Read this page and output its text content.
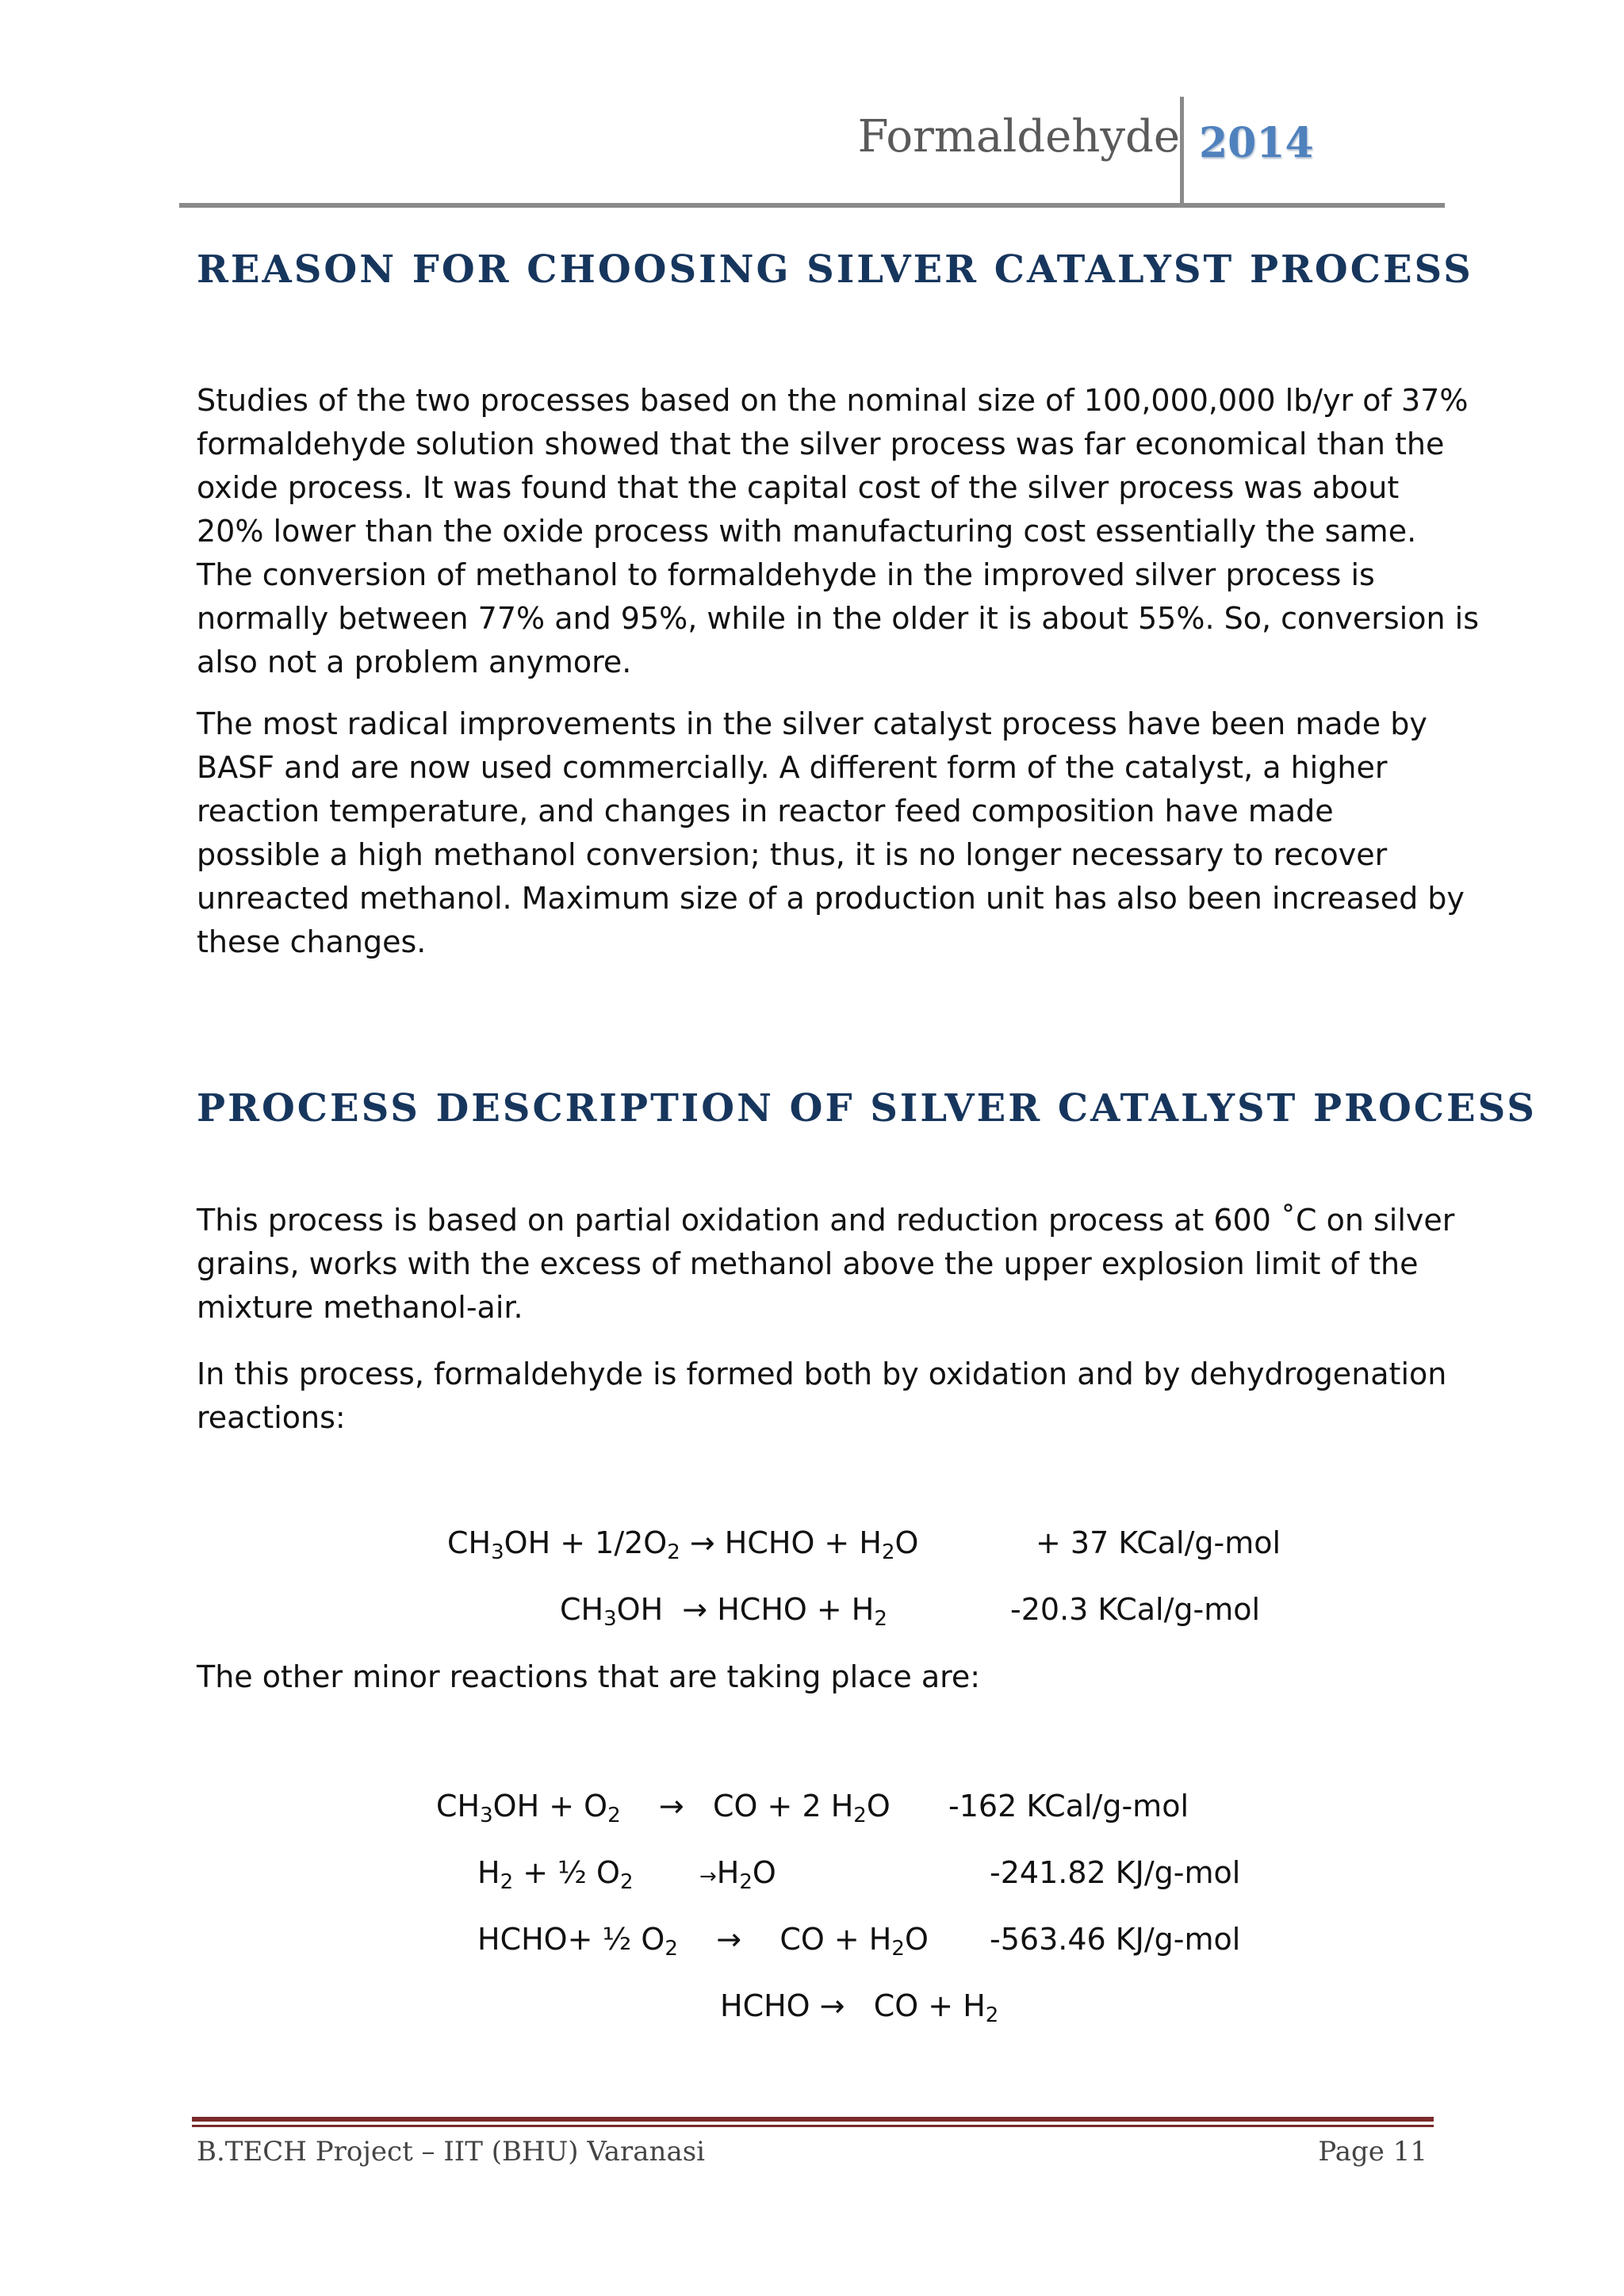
Formaldehyde 2014
REASON FOR CHOOSING SILVER CATALYST PROCESS
Studies of the two processes based on the nominal size of 100,000,000 lb/yr of 37%
formaldehyde solution showed that the silver process was far economical than the
oxide process. It was found that the capital cost of the silver process was about
20% lower than the oxide process with manufacturing cost essentially the same.
The conversion of methanol to formaldehyde in the improved silver process is
normally between 77% and 95%, while in the older it is about 55%. So, conversion is
also not a problem anymore.
The most radical improvements in the silver catalyst process have been made by
BASF and are now used commercially. A different form of the catalyst, a higher
reaction temperature, and changes in reactor feed composition have made
possible a high methanol conversion; thus, it is no longer necessary to recover
unreacted methanol. Maximum size of a production unit has also been increased by
these changes.
PROCESS DESCRIPTION OF SILVER CATALYST PROCESS
This process is based on partial oxidation and reduction process at 600 ˚C on silver
grains, works with the excess of methanol above the upper explosion limit of the
mixture methanol-air.
In this process, formaldehyde is formed both by oxidation and by dehydrogenation
reactions:
$CH_3OH + 1/2O_2$ → HCHO + $H_2O$	+ 37 KCal/g-mol
$CH_3OH$  → HCHO + $H_2$	-20.3 KCal/g-mol
The other minor reactions that are taking place are:
$CH_3OH + O_2$    →   CO + 2 $H_2O$ -162 KCal/g-mol
$H_2$ + ½ $O_2$	$\to H_2O$	-241.82 KJ/g-mol
HCHO+ ½ $O_2$    →    CO + $H_2O$ -563.46 KJ/g-mol
HCHO →   CO + $H_2$
B.TECH Project – IIT (BHU) Varanasi	Page 11
